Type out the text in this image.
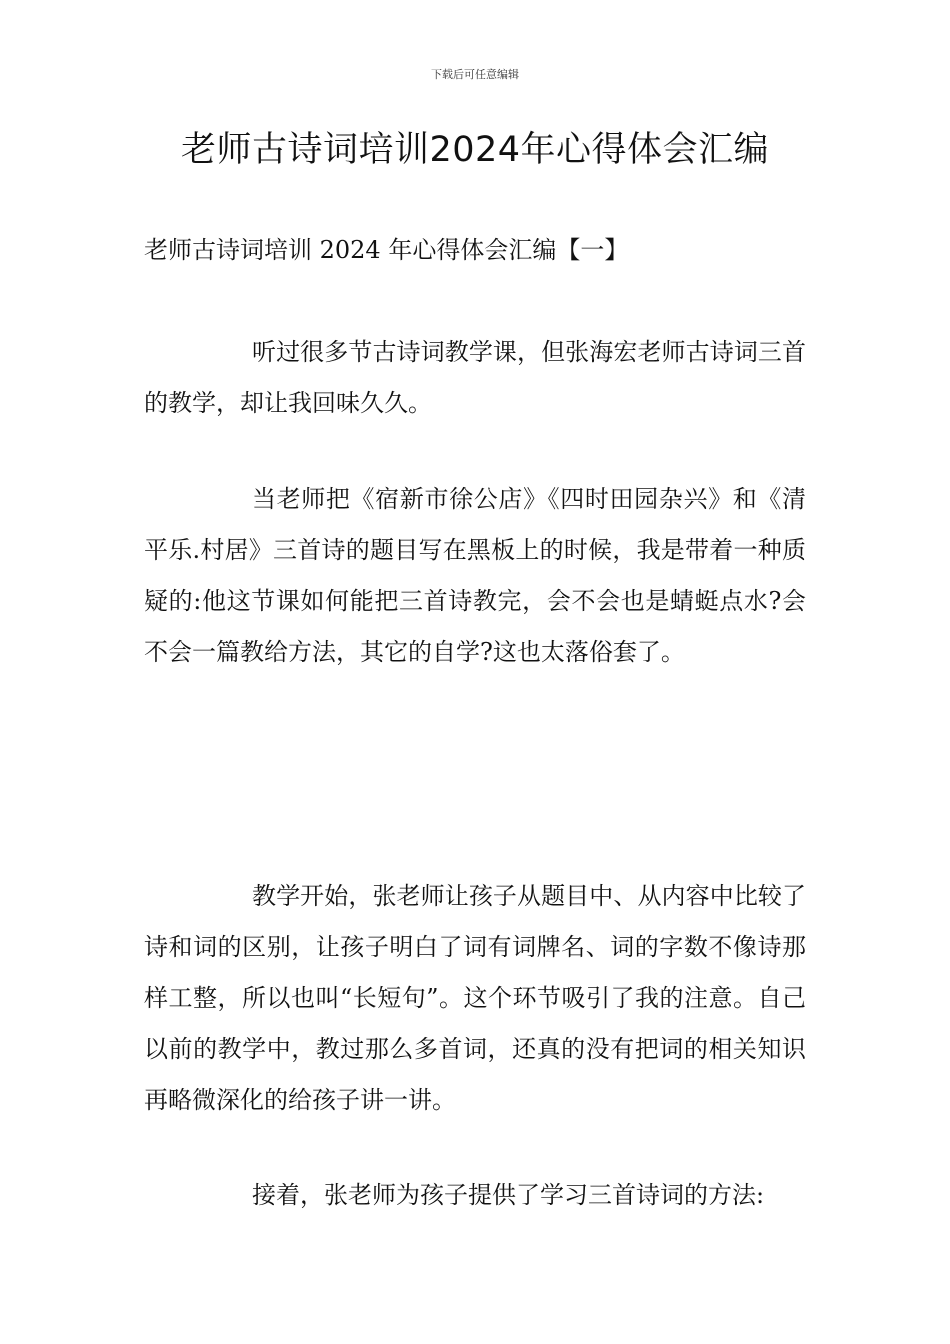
下载后可任意编辑
老师古诗词培训2024年心得体会汇编
老师古诗词培训 2024 年心得体会汇编【一】

听过很多节古诗词教学课，但张海宏老师古诗词三首的教学，却让我回味久久。

当老师把《宿新市徐公店》《四时田园杂兴》和《清平乐.村居》三首诗的题目写在黑板上的时候，我是带着一种质疑的:他这节课如何能把三首诗教完，会不会也是蜻蜓点水?会不会一篇教给方法，其它的自学?这也太落俗套了。

教学开始，张老师让孩子从题目中、从内容中比较了诗和词的区别，让孩子明白了词有词牌名、词的字数不像诗那样工整，所以也叫“长短句”。这个环节吸引了我的注意。自己以前的教学中，教过那么多首词，还真的没有把词的相关知识再略微深化的给孩子讲一讲。

接着，张老师为孩子提供了学习三首诗词的方法:
